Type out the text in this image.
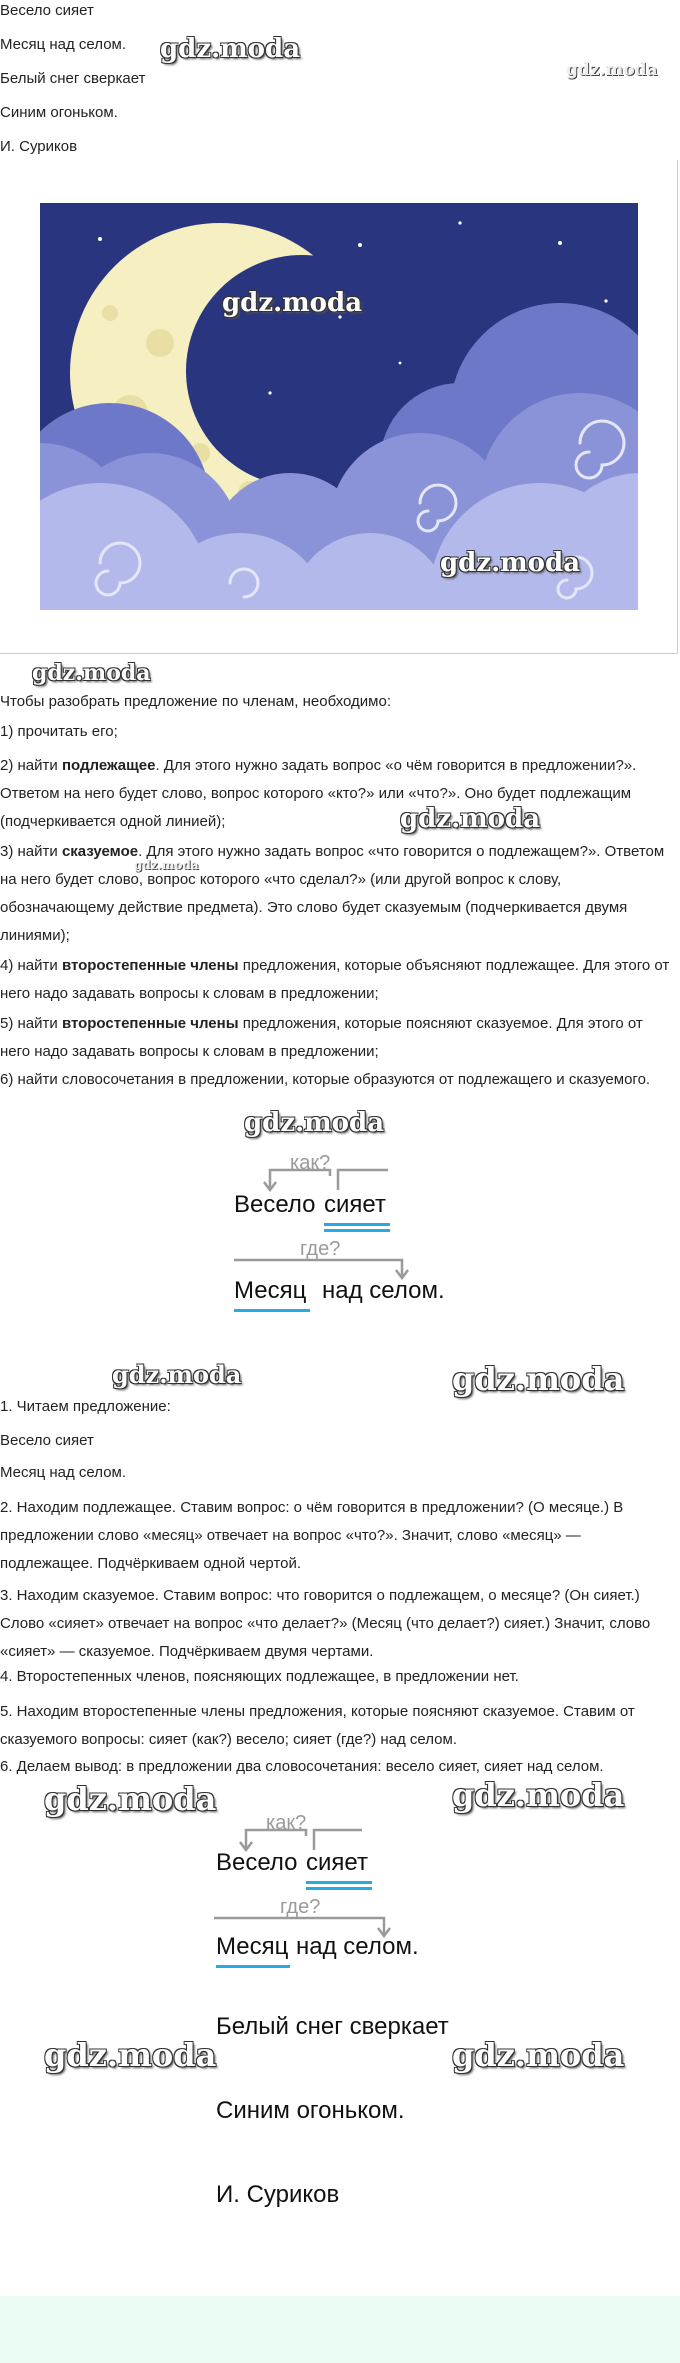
Весело сияет

Месяц над селом.

Белый снег сверкает

Синим огоньком.

И. Суриков

gdz.moda
gdz.moda
gdz.moda
gdz.moda
gdz.moda

Чтобы разобрать предложение по членам, необходимо:

1) прочитать его;

2) найти подлежащее. Для этого нужно задать вопрос «о чём говорится в предложении?». Ответом на него будет слово, вопрос которого «кто?» или «что?». Оно будет подлежащим (подчеркивается одной линией);	gdz.moda

3) найти сказуемое. Для этого нужно задать вопрос «что говорится о подлежащем?». Ответом на него будет слово, вопрос которого «что сделал?» (или другой вопрос к слову, обозначающему действие предмета). Это слово будет сказуемым (подчеркивается двумя линиями);

gdz.moda

4) найти второстепенные члены предложения, которые объясняют подлежащее. Для этого от него надо задавать вопросы к словам в предложении;

5) найти второстепенные члены предложения, которые поясняют сказуемое. Для этого от него надо задавать вопросы к словам в предложении;

6) найти словосочетания в предложении, которые образуются от подлежащего и сказуемого.

gdz.moda
как?
Весело сияет
где?
Месяц над селом.
gdz.moda	gdz.moda

1. Читаем предложение:

Весело сияет

Месяц над селом.

2. Находим подлежащее. Ставим вопрос: о чём говорится в предложении? (О месяце.) В предложении слово «месяц» отвечает на вопрос «что?». Значит, слово «месяц» — подлежащее. Подчёркиваем одной чертой.

3. Находим сказуемое. Ставим вопрос: что говорится о подлежащем, о месяце? (Он сияет.) Слово «сияет» отвечает на вопрос «что делает?» (Месяц (что делает?) сияет.) Значит, слово «сияет» — сказуемое. Подчёркиваем двумя чертами.

4. Второстепенных членов, поясняющих подлежащее, в предложении нет.

5. Находим второстепенные члены предложения, которые поясняют сказуемое. Ставим от сказуемого вопросы: сияет (как?) весело; сияет (где?) над селом.

6. Делаем вывод: в предложении два словосочетания: весело сияет, сияет над селом.

gdz.moda	gdz.moda
как?
Весело сияет
где?
Месяц над селом.
Белый снег сверкает
gdz.moda	gdz.moda
Синим огоньком.
И. Суриков
